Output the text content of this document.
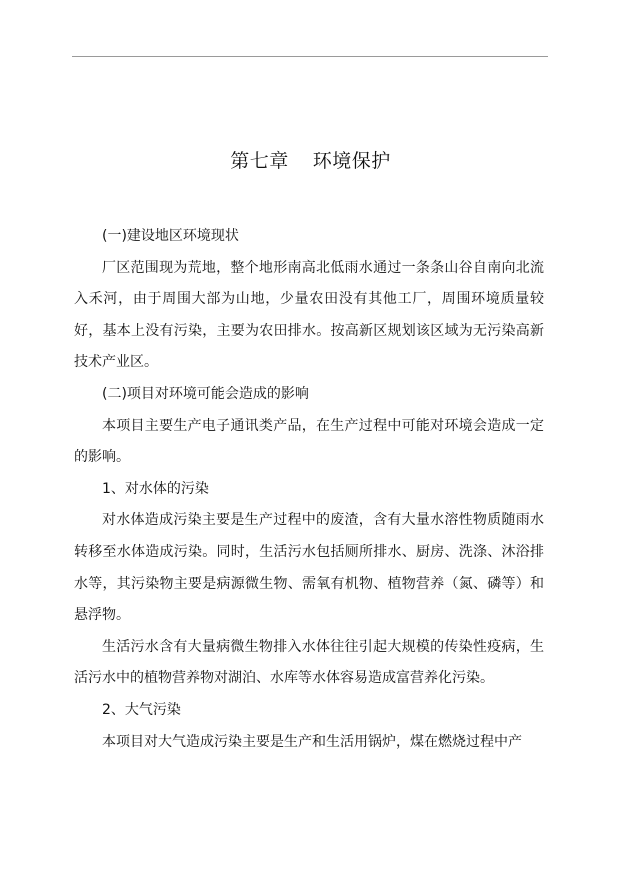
第七章 环境保护

(一)建设地区环境现状

厂区范围现为荒地，整个地形南高北低雨水通过一条条山谷自南向北流入禾河，由于周围大部为山地，少量农田没有其他工厂，周围环境质量较好，基本上没有污染，主要为农田排水。按高新区规划该区域为无污染高新技术产业区。

(二)项目对环境可能会造成的影响

本项目主要生产电子通讯类产品，在生产过程中可能对环境会造成一定的影响。

1、对水体的污染

对水体造成污染主要是生产过程中的废渣，含有大量水溶性物质随雨水转移至水体造成污染。同时，生活污水包括厕所排水、厨房、洗涤、沐浴排水等，其污染物主要是病源微生物、需氧有机物、植物营养（氮、磷等）和悬浮物。

生活污水含有大量病微生物排入水体往往引起大规模的传染性疫病，生活污水中的植物营养物对湖泊、水库等水体容易造成富营养化污染。

2、大气污染

本项目对大气造成污染主要是生产和生活用锅炉，煤在燃烧过程中产
